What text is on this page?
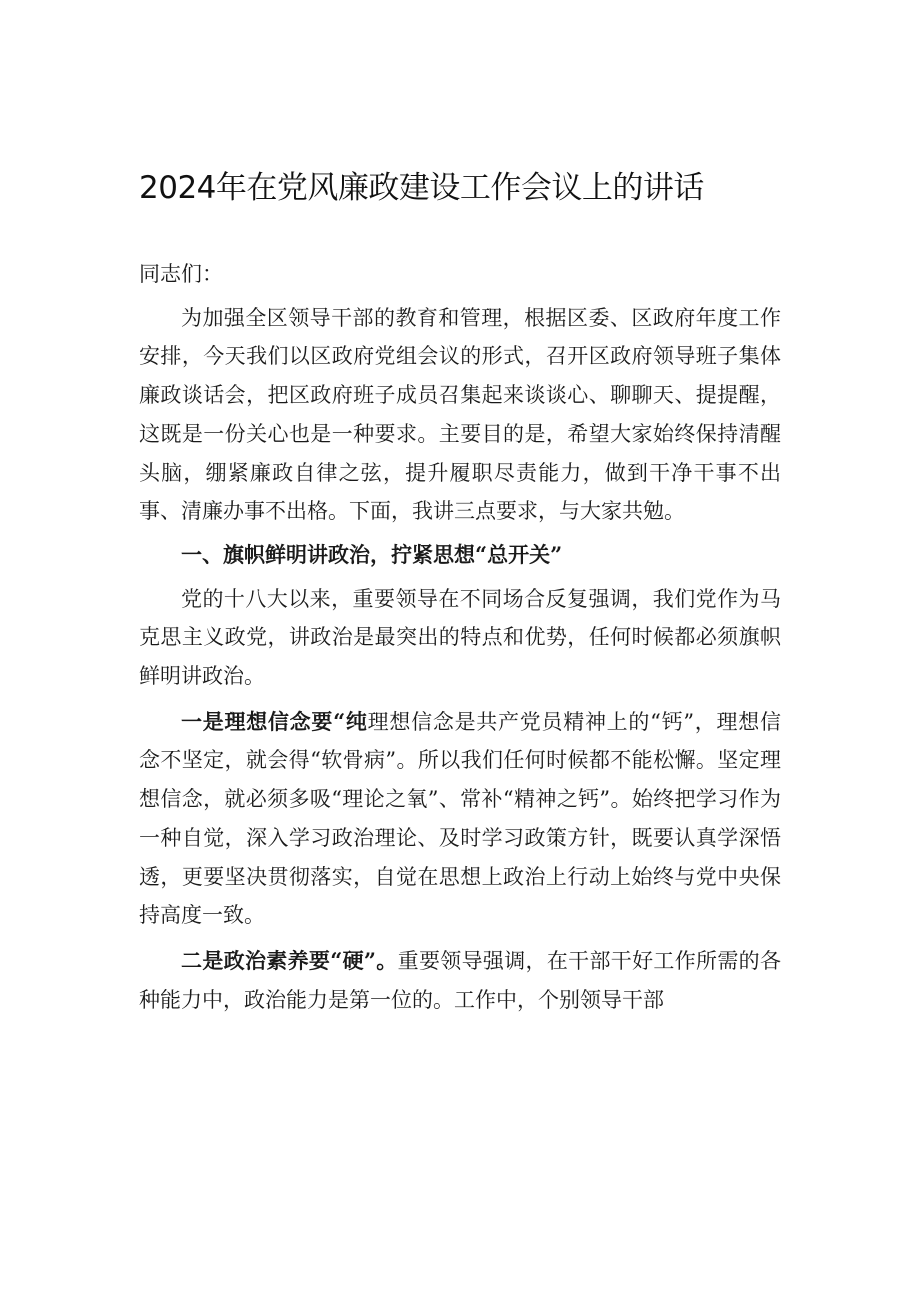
2024年在党风廉政建设工作会议上的讲话

同志们：

为加强全区领导干部的教育和管理，根据区委、区政府年度工作安排，今天我们以区政府党组会议的形式，召开区政府领导班子集体廉政谈话会，把区政府班子成员召集起来谈谈心、聊聊天、提提醒，这既是一份关心也是一种要求。主要目的是，希望大家始终保持清醒头脑，绷紧廉政自律之弦，提升履职尽责能力，做到干净干事不出事、清廉办事不出格。下面，我讲三点要求，与大家共勉。

一、旗帜鲜明讲政治，拧紧思想“总开关”

党的十八大以来，重要领导在不同场合反复强调，我们党作为马克思主义政党，讲政治是最突出的特点和优势，任何时候都必须旗帜鲜明讲政治。

一是理想信念要“纯理想信念是共产党员精神上的“钙”，理想信念不坚定，就会得“软骨病”。所以我们任何时候都不能松懈。坚定理想信念，就必须多吸“理论之氧”、常补“精神之钙”。始终把学习作为一种自觉，深入学习政治理论、及时学习政策方针，既要认真学深悟透，更要坚决贯彻落实，自觉在思想上政治上行动上始终与党中央保持高度一致。

二是政治素养要“硬”。重要领导强调，在干部干好工作所需的各种能力中，政治能力是第一位的。工作中，个别领导干部
